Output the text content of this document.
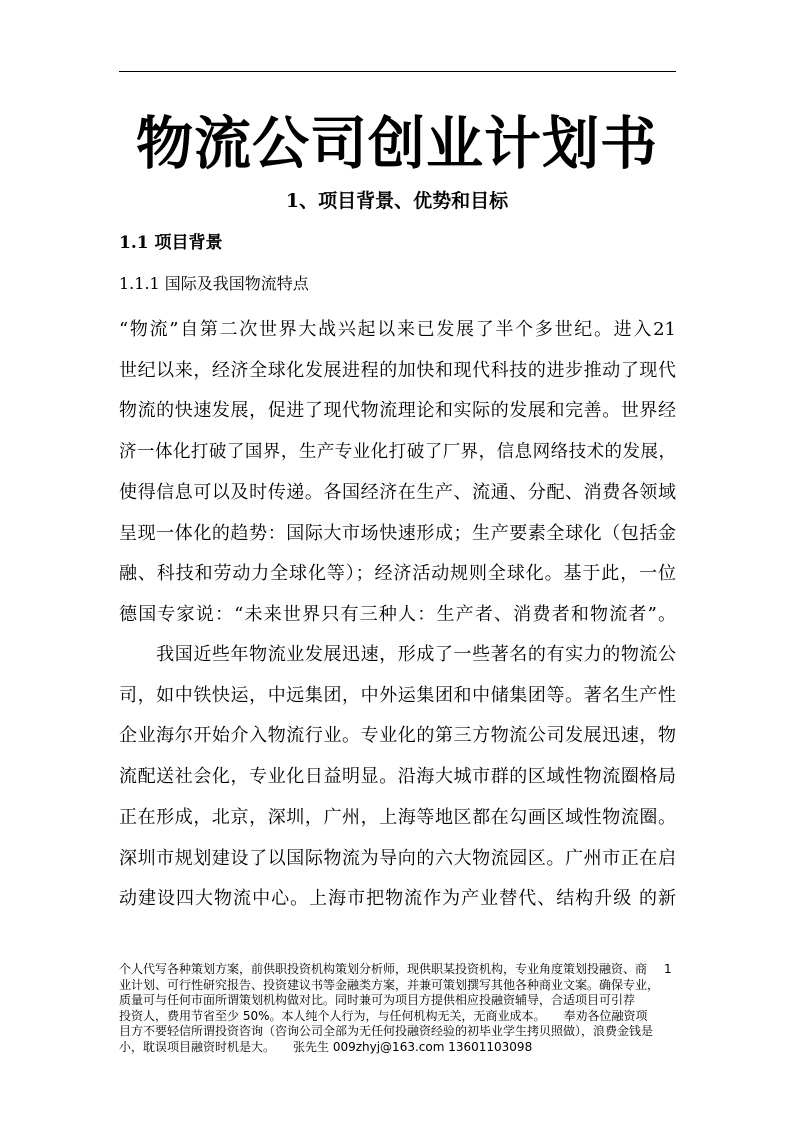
物流公司创业计划书
1、项目背景、优势和目标
1.1 项目背景
1.1.1 国际及我国物流特点
“物流”自第二次世界大战兴起以来已发展了半个多世纪。进入21
世纪以来，经济全球化发展进程的加快和现代科技的进步推动了现代
物流的快速发展，促进了现代物流理论和实际的发展和完善。世界经
济一体化打破了国界，生产专业化打破了厂界，信息网络技术的发展，
使得信息可以及时传递。各国经济在生产、流通、分配、消费各领域
呈现一体化的趋势：国际大市场快速形成；生产要素全球化（包括金
融、科技和劳动力全球化等）；经济活动规则全球化。基于此，一位
德国专家说：“未来世界只有三种人：生产者、消费者和物流者”。
　　我国近些年物流业发展迅速，形成了一些著名的有实力的物流公
司，如中铁快运，中远集团，中外运集团和中储集团等。著名生产性
企业海尔开始介入物流行业。专业化的第三方物流公司发展迅速，物
流配送社会化，专业化日益明显。沿海大城市群的区域性物流圈格局
正在形成，北京，深圳，广州，上海等地区都在勾画区域性物流圈。
深圳市规划建设了以国际物流为导向的六大物流园区。广州市正在启
动建设四大物流中心。上海市把物流作为产业替代、结构升级 的新
个人代写各种策划方案，前供职投资机构策划分析师，现供职某投资机构，专业角度策划投融资、商
业计划、可行性研究报告、投资建议书等金融类方案，并兼可策划撰写其他各种商业文案。确保专业，
质量可与任何市面所谓策划机构做对比。同时兼可为项目方提供相应投融资辅导，合适项目可引荐
投资人，费用节省至少 50%。本人纯个人行为，与任何机构无关，无商业成本。　　奉劝各位融资项
目方不要轻信所谓投资咨询（咨询公司全部为无任何投融资经验的初毕业学生拷贝照做），浪费金钱是
小，耽误项目融资时机是大。　　张先生 009zhyj@163.com 13601103098
1
